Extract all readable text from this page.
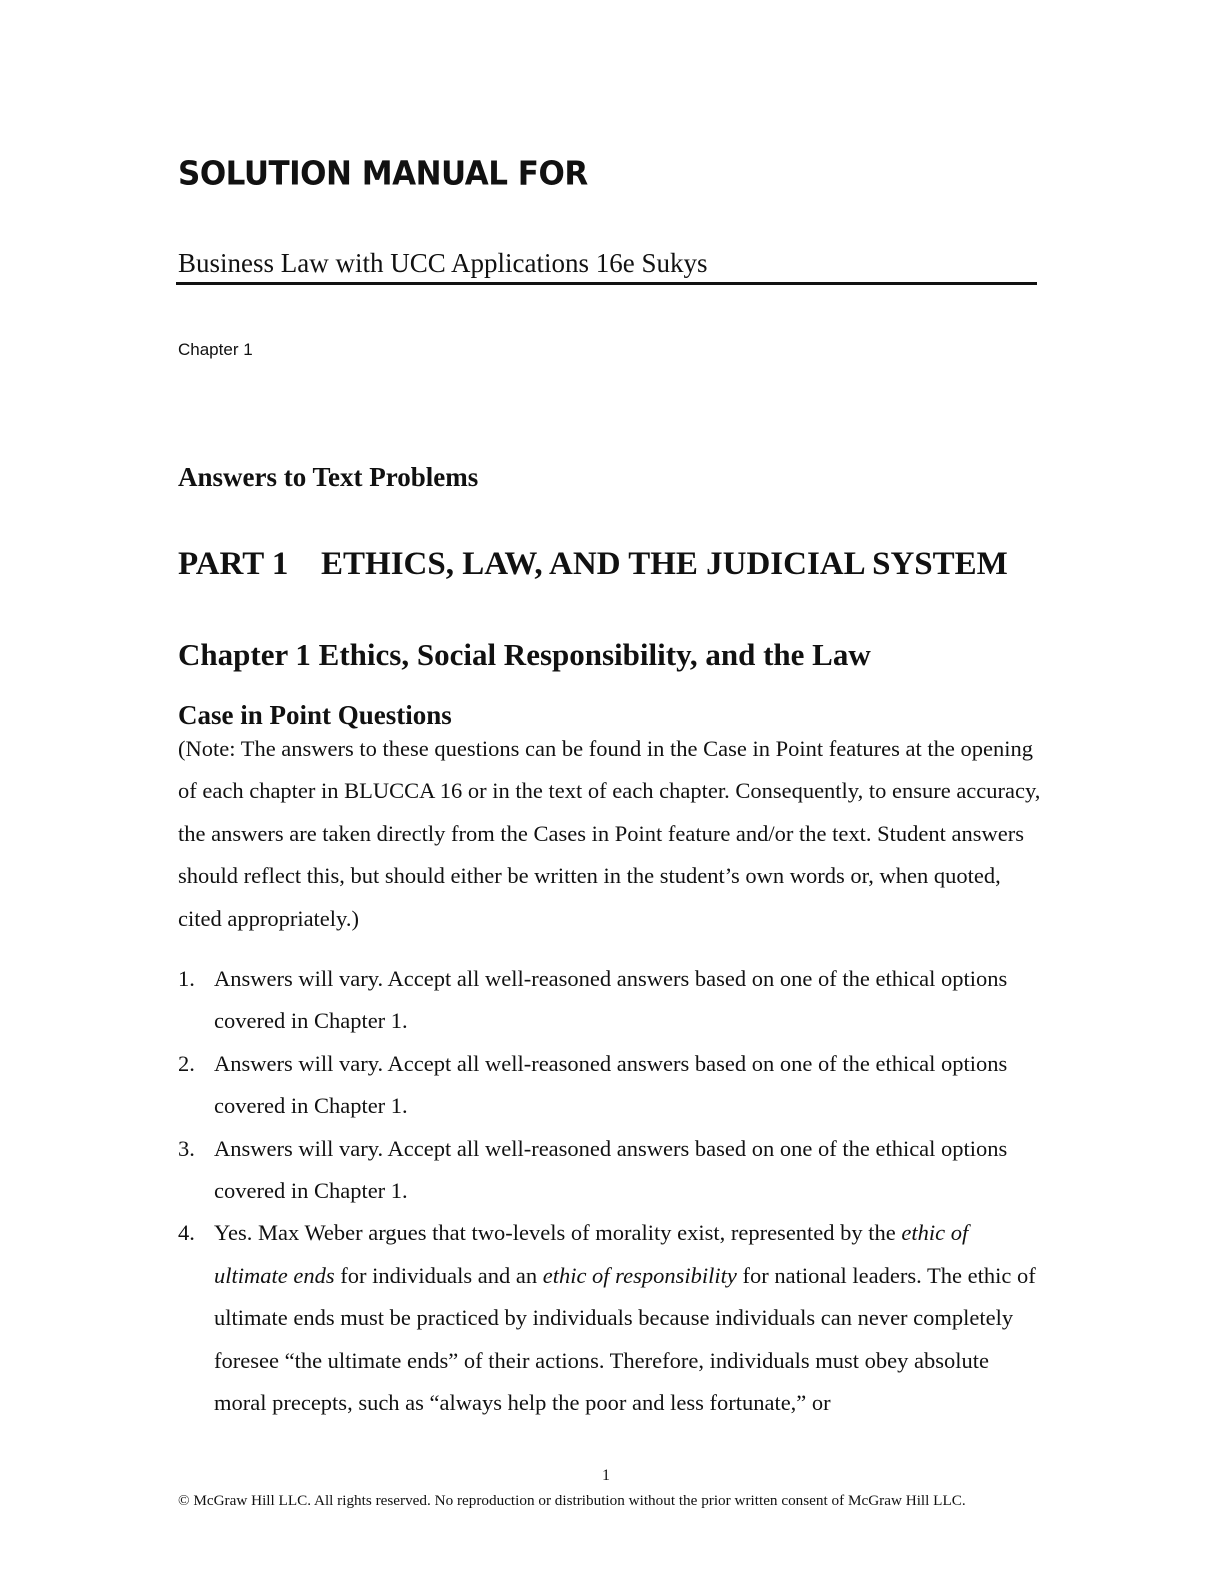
SOLUTION MANUAL FOR

Business Law with UCC Applications 16e Sukys

Chapter 1

Answers to Text Problems
PART 1 ETHICS, LAW, AND THE JUDICIAL SYSTEM
Chapter 1 Ethics, Social Responsibility, and the Law
Case in Point Questions

(Note: The answers to these questions can be found in the Case in Point features at the opening of each chapter in BLUCCA 16 or in the text of each chapter. Consequently, to ensure accuracy, the answers are taken directly from the Cases in Point feature and/or the text. Student answers should reflect this, but should either be written in the student’s own words or, when quoted, cited appropriately.)

1. Answers will vary. Accept all well-reasoned answers based on one of the ethical options covered in Chapter 1.
2. Answers will vary. Accept all well-reasoned answers based on one of the ethical options covered in Chapter 1.
3. Answers will vary. Accept all well-reasoned answers based on one of the ethical options covered in Chapter 1.
4. Yes. Max Weber argues that two-levels of morality exist, represented by the ethic of ultimate ends for individuals and an ethic of responsibility for national leaders. The ethic of ultimate ends must be practiced by individuals because individuals can never completely foresee “the ultimate ends” of their actions. Therefore, individuals must obey absolute moral precepts, such as “always help the poor and less fortunate,” or

1

© McGraw Hill LLC. All rights reserved. No reproduction or distribution without the prior written consent of McGraw Hill LLC.
